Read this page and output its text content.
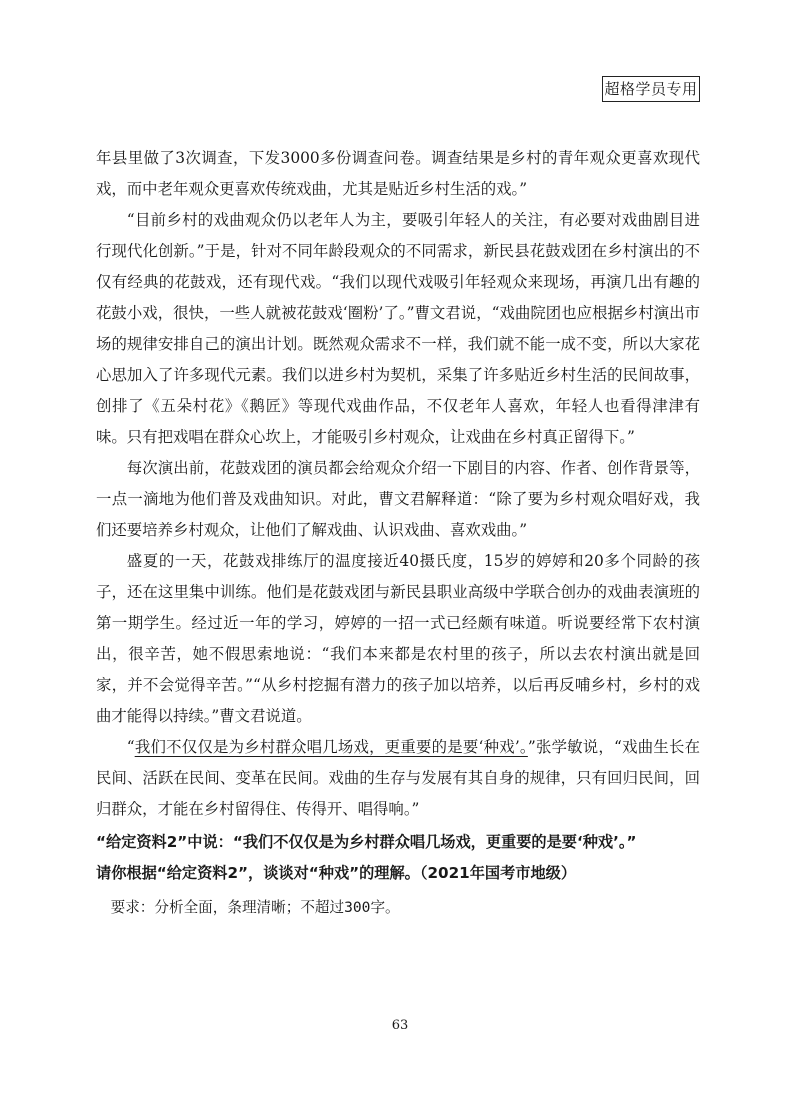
超格学员专用

年县里做了3次调查，下发3000多份调查问卷。调查结果是乡村的青年观众更喜欢现代戏，而中老年观众更喜欢传统戏曲，尤其是贴近乡村生活的戏。”

“目前乡村的戏曲观众仍以老年人为主，要吸引年轻人的关注，有必要对戏曲剧目进行现代化创新。”于是，针对不同年龄段观众的不同需求，新民县花鼓戏团在乡村演出的不仅有经典的花鼓戏，还有现代戏。“我们以现代戏吸引年轻观众来现场，再演几出有趣的花鼓小戏，很快，一些人就被花鼓戏‘圈粉’了。”曹文君说，“戏曲院团也应根据乡村演出市场的规律安排自己的演出计划。既然观众需求不一样，我们就不能一成不变，所以大家花心思加入了许多现代元素。我们以进乡村为契机，采集了许多贴近乡村生活的民间故事，创排了《五朵村花》《鹅匠》等现代戏曲作品，不仅老年人喜欢，年轻人也看得津津有味。只有把戏唱在群众心坎上，才能吸引乡村观众，让戏曲在乡村真正留得下。”

每次演出前，花鼓戏团的演员都会给观众介绍一下剧目的内容、作者、创作背景等，一点一滴地为他们普及戏曲知识。对此，曹文君解释道：“除了要为乡村观众唱好戏，我们还要培养乡村观众，让他们了解戏曲、认识戏曲、喜欢戏曲。”

盛夏的一天，花鼓戏排练厅的温度接近40摄氏度，15岁的婷婷和20多个同龄的孩子，还在这里集中训练。他们是花鼓戏团与新民县职业高级中学联合创办的戏曲表演班的第一期学生。经过近一年的学习，婷婷的一招一式已经颇有味道。听说要经常下农村演出，很辛苦，她不假思索地说：“我们本来都是农村里的孩子，所以去农村演出就是回家，并不会觉得辛苦。”“从乡村挖掘有潜力的孩子加以培养，以后再反哺乡村，乡村的戏曲才能得以持续。”曹文君说道。

“我们不仅仅是为乡村群众唱几场戏，更重要的是要‘种戏’。”张学敏说，“戏曲生长在民间、活跃在民间、变革在民间。戏曲的生存与发展有其自身的规律，只有回归民间，回归群众，才能在乡村留得住、传得开、唱得响。”

“给定资料2”中说：“我们不仅仅是为乡村群众唱几场戏，更重要的是要‘种戏’。”
请你根据“给定资料2”，谈谈对“种戏”的理解。（2021年国考市地级）

要求：分析全面，条理清晰；不超过300字。

63
